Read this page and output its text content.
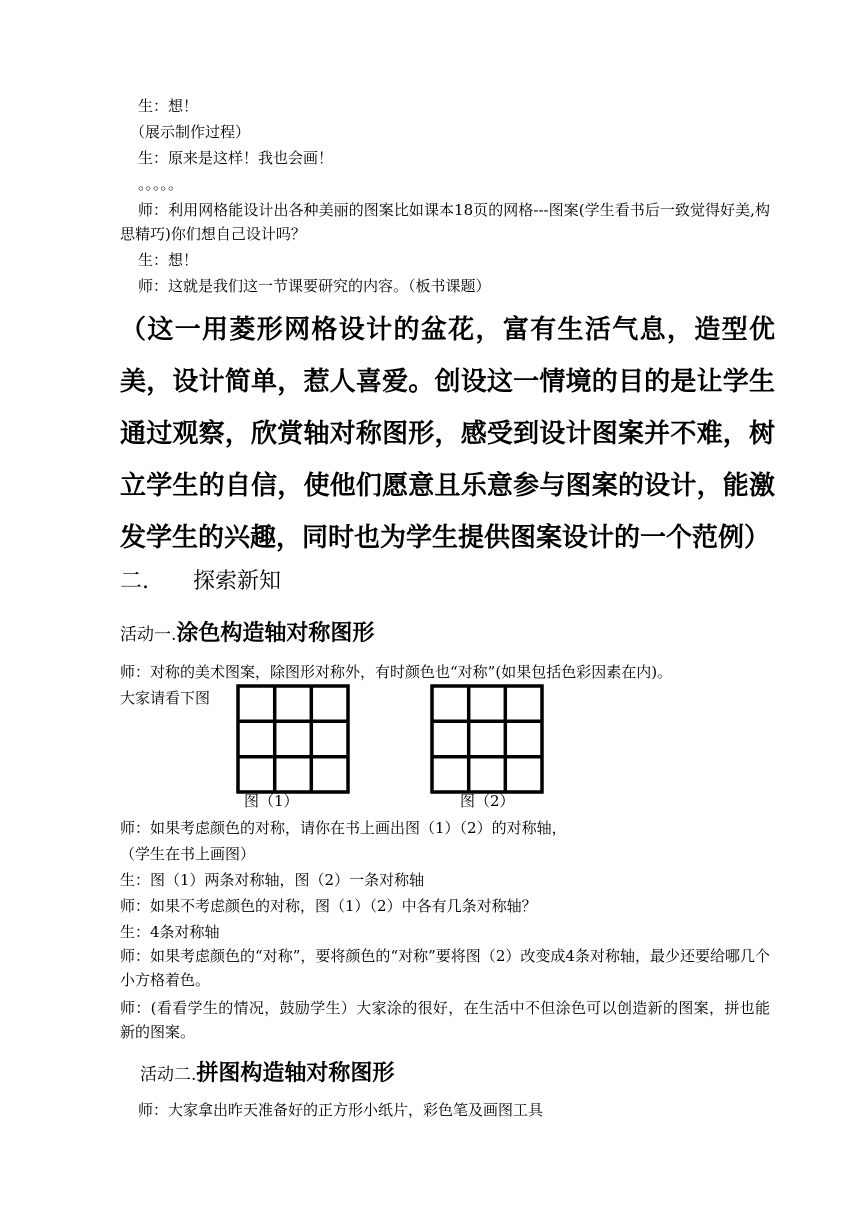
生：想！
（展示制作过程）
生：原来是这样！我也会画！
。。。。。
师：利用网格能设计出各种美丽的图案比如课本18页的网格---图案(学生看书后一致觉得好美,构思精巧)你们想自己设计吗？
生：想！
师：这就是我们这一节课要研究的内容。（板书课题）
（这一用菱形网格设计的盆花，富有生活气息，造型优美，设计简单，惹人喜爱。创设这一情境的目的是让学生通过观察，欣赏轴对称图形，感受到设计图案并不难，树立学生的自信，使他们愿意且乐意参与图案的设计，能激发学生的兴趣，同时也为学生提供图案设计的一个范例）
二. 探索新知
活动一.涂色构造轴对称图形
师：对称的美术图案，除图形对称外，有时颜色也“对称”(如果包括色彩因素在内)。
大家请看下图
图（1）	图（2）
师：如果考虑颜色的对称，请你在书上画出图（1）（2）的对称轴，
（学生在书上画图）
生：图（1）两条对称轴，图（2）一条对称轴
师：如果不考虑颜色的对称，图（1）（2）中各有几条对称轴？
生：4条对称轴
师：如果考虑颜色的“对称”，要将颜色的“对称”要将图（2）改变成4条对称轴，最少还要给哪几个小方格着色。
师：(看看学生的情况，鼓励学生）大家涂的很好，在生活中不但涂色可以创造新的图案，拼也能新的图案。
活动二.拼图构造轴对称图形
师：大家拿出昨天准备好的正方形小纸片，彩色笔及画图工具
